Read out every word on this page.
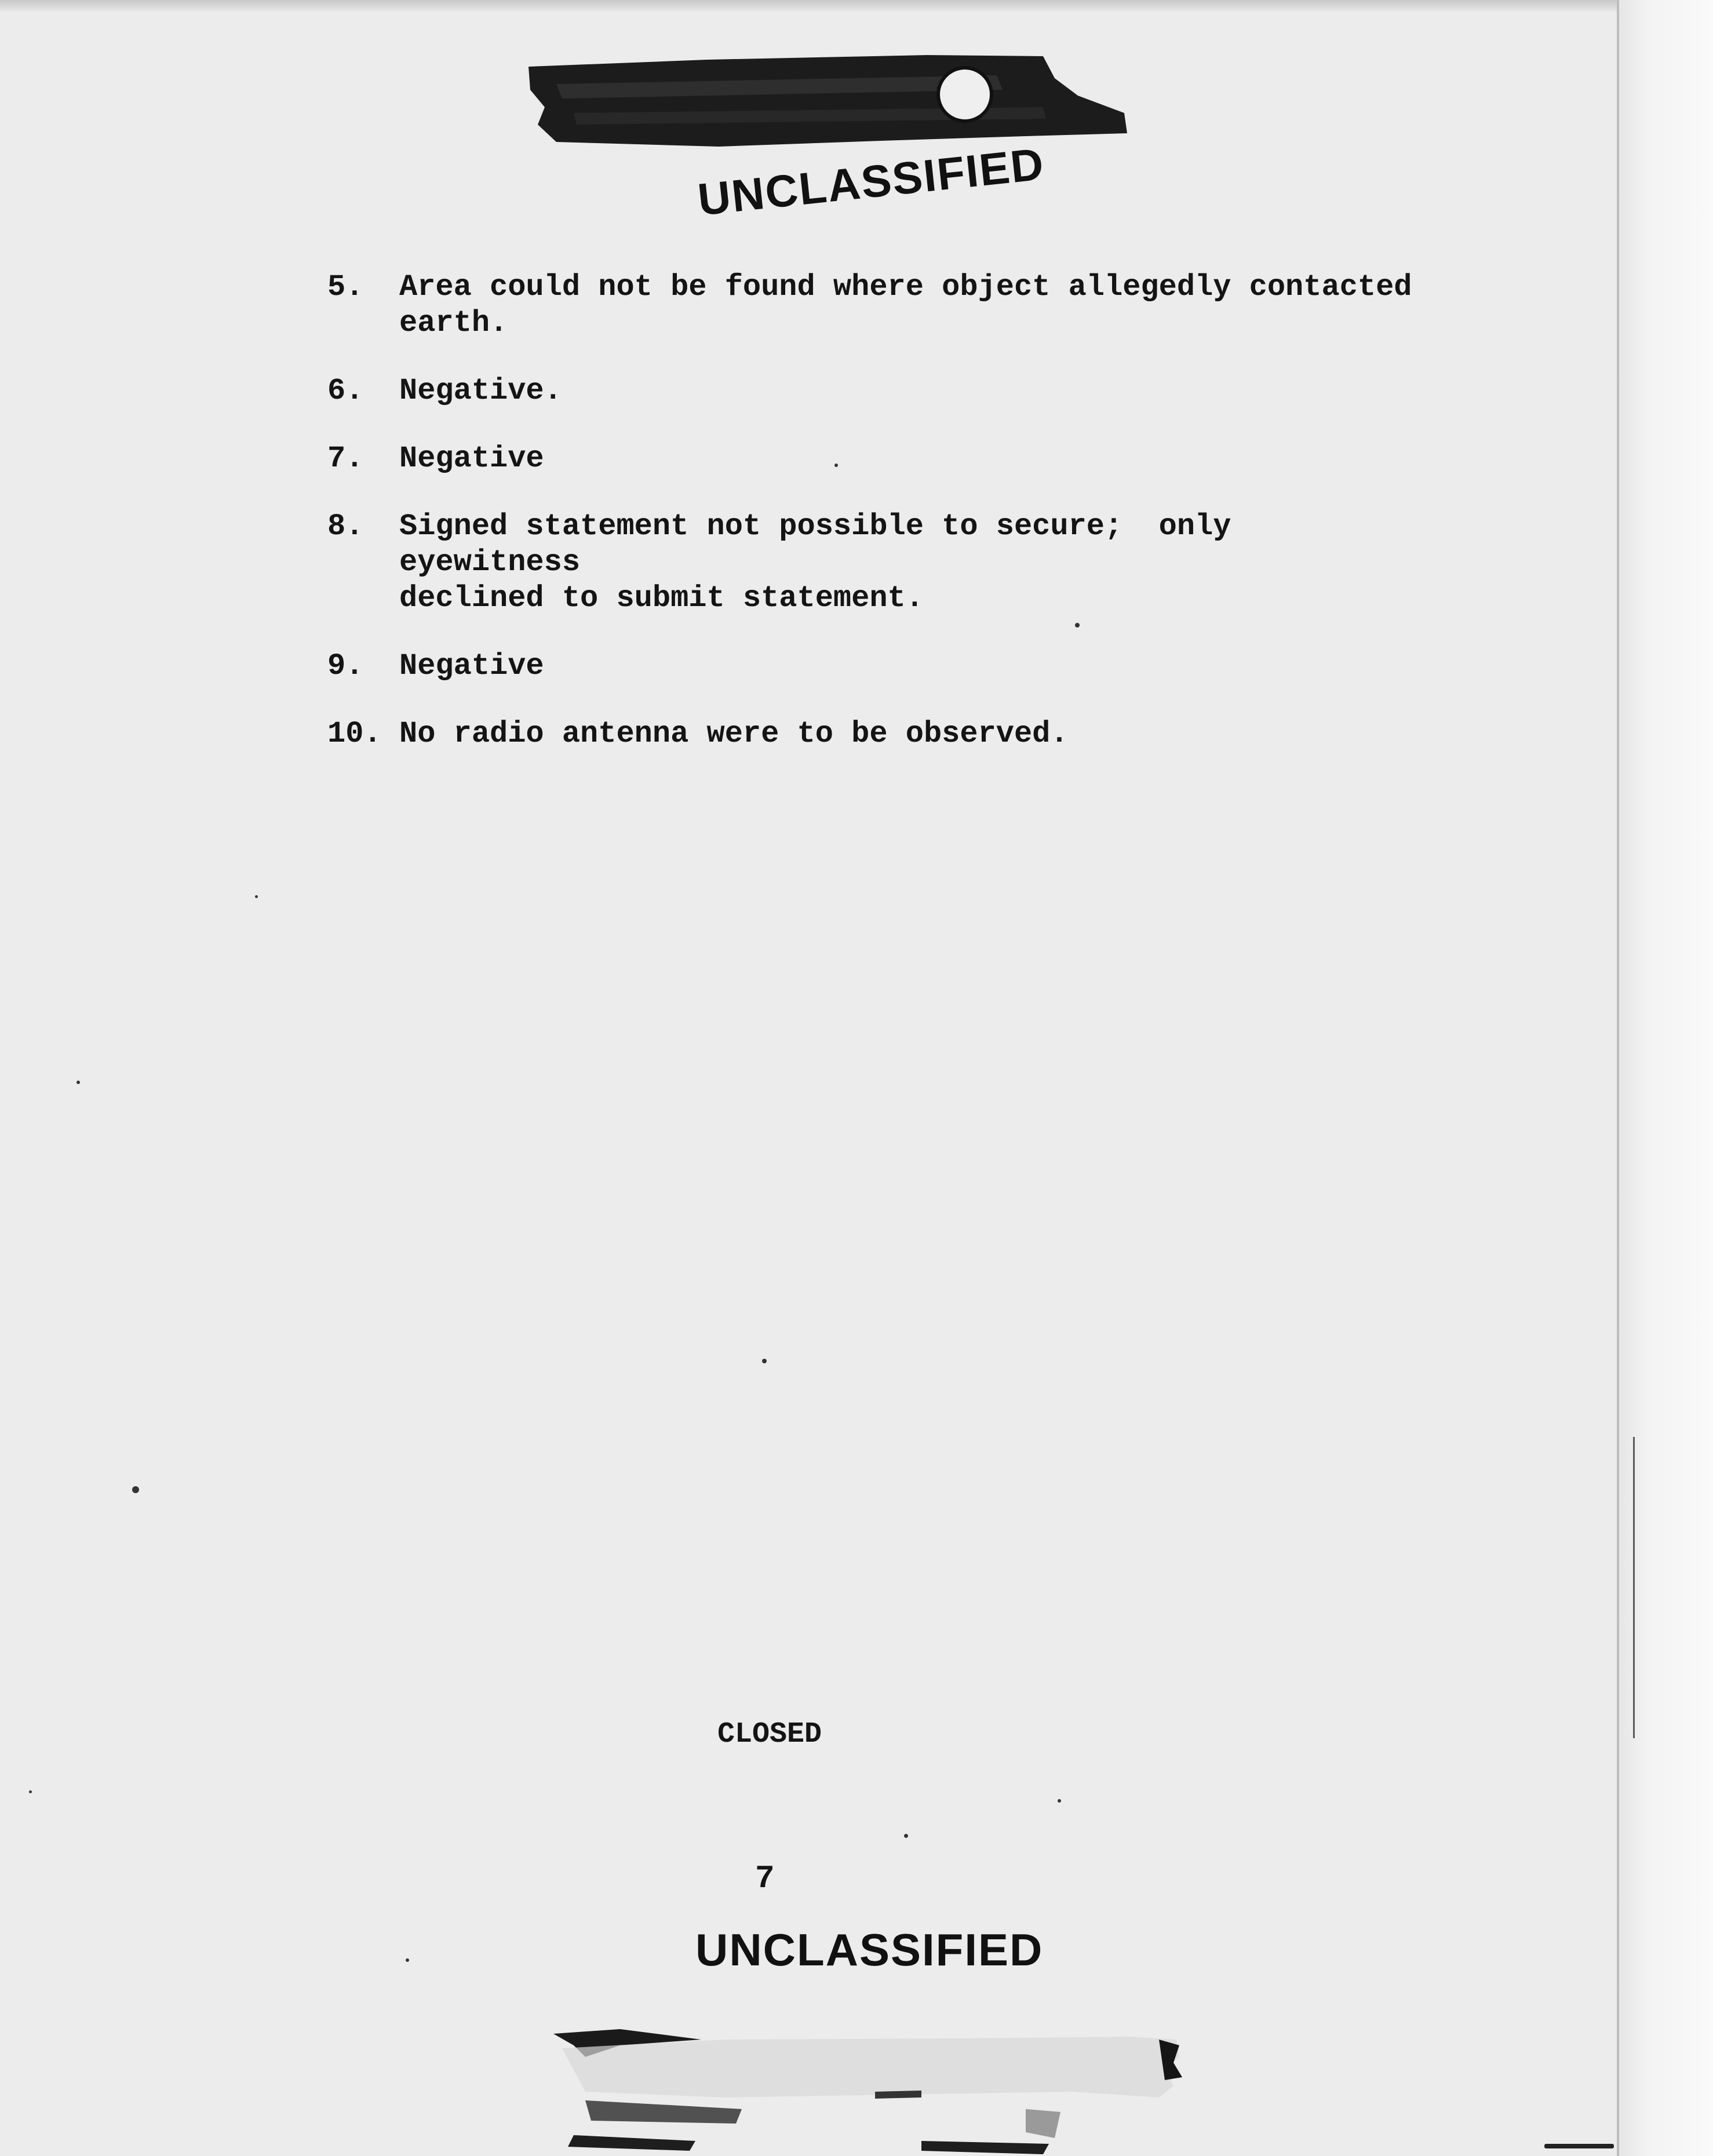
UNCLASSIFIED
5.	Area could not be found where object allegedly contacted
earth.
6.	Negative.
7.	Negative
8.	Signed statement not possible to secure;  only eyewitness
declined to submit statement.
9.	Negative
10. No radio antenna were to be observed.
CLOSED
7
UNCLASSIFIED
